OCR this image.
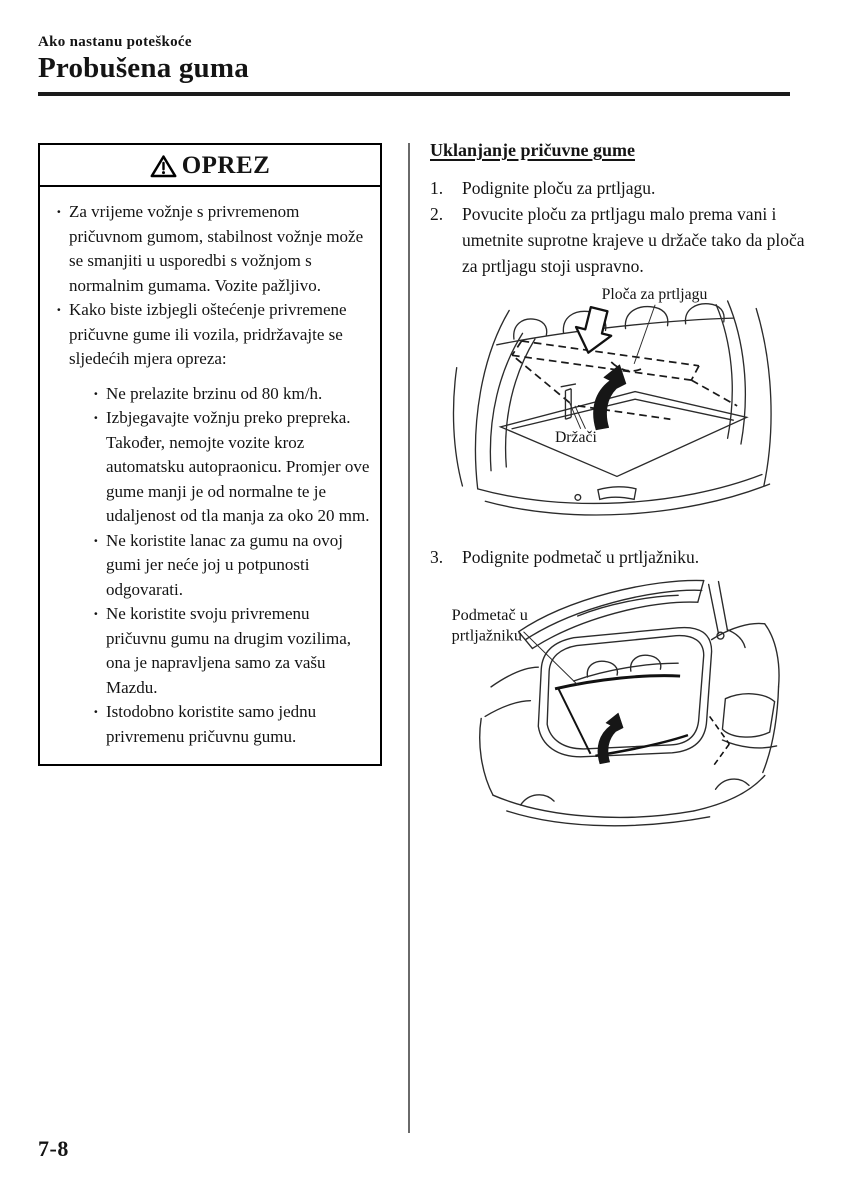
Ako nastanu poteškoće
Probušena guma
OPREZ
· Za vrijeme vožnje s privremenom pričuvnom gumom, stabilnost vožnje može se smanjiti u usporedbi s vožnjom s normalnim gumama. Vozite pažljivo.
· Kako biste izbjegli oštećenje privremene pričuvne gume ili vozila, pridržavajte se sljedećih mjera opreza:
· Ne prelazite brzinu od 80 km/h.
· Izbjegavajte vožnju preko prepreka. Također, nemojte vozite kroz automatsku autopraonicu. Promjer ove gume manji je od normalne te je udaljenost od tla manja za oko 20 mm.
· Ne koristite lanac za gumu na ovoj gumi jer neće joj u potpunosti odgovarati.
· Ne koristite svoju privremenu pričuvnu gumu na drugim vozilima, ona je napravljena samo za vašu Mazdu.
· Istodobno koristite samo jednu privremenu pričuvnu gumu.
Uklanjanje pričuvne gume
1.	Podignite ploču za prtljagu.
2.	Povucite ploču za prtljagu malo prema vani i umetnite suprotne krajeve u držače tako da ploča za prtljagu stoji uspravno.
Ploča za prtljagu
Držači
3.	Podignite podmetač u prtljažniku.
Podmetač u
prtljažniku
7-8
